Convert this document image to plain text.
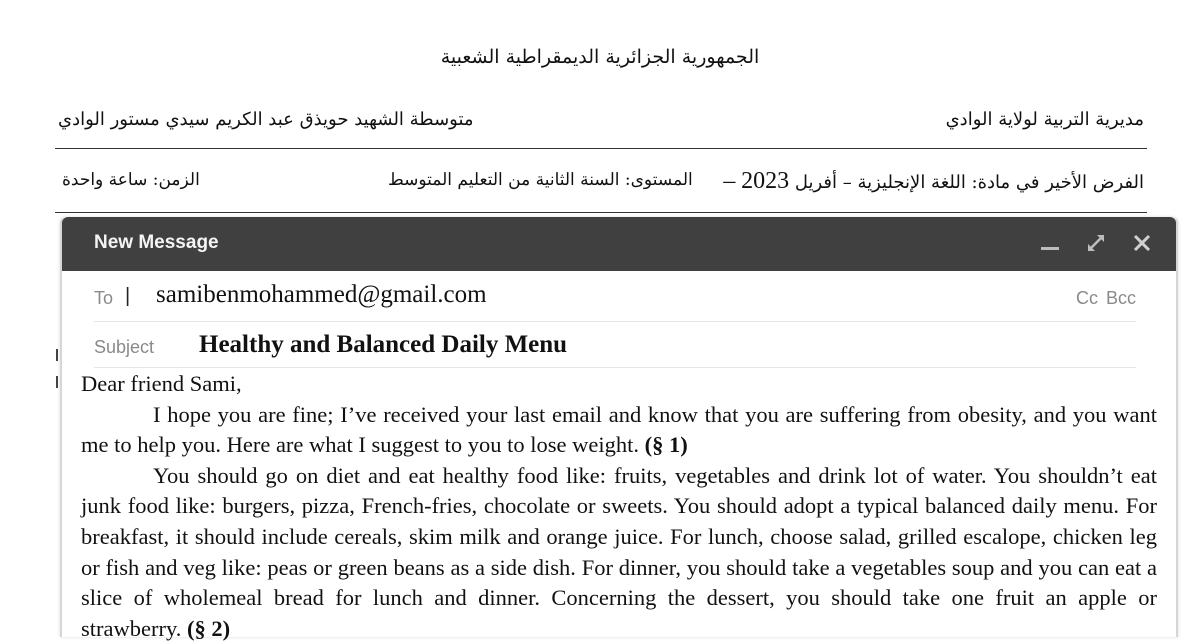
الجمهورية الجزائرية الديمقراطية الشعبية
متوسطة الشهيد حويذق عبد الكريم سيدي مستور الوادي	مديرية التربية لولاية الوادي
الفرض الأخير في مادة: اللغة الإنجليزية – أفريل 2023 –
المستوى: السنة الثانية من التعليم المتوسط
الزمن: ساعة واحدة
New Message
To | samibenmohammed@gmail.com	Cc Bcc
Subject Healthy and Balanced Daily Menu

Dear friend Sami,

I hope you are fine; I’ve received your last email and know that you are suffering from obesity, and you want me to help you. Here are what I suggest to you to lose weight. (§ 1)

You should go on diet and eat healthy food like: fruits, vegetables and drink lot of water. You shouldn’t eat junk food like: burgers, pizza, French-fries, chocolate or sweets. You should adopt a typical balanced daily menu. For breakfast, it should include cereals, skim milk and orange juice. For lunch, choose salad, grilled escalope, chicken leg or fish and veg like: peas or green beans as a side dish. For dinner, you should take a vegetables soup and you can eat a slice of wholemeal bread for lunch and dinner. Concerning the dessert, you should take one fruit an apple or strawberry. (§ 2)
